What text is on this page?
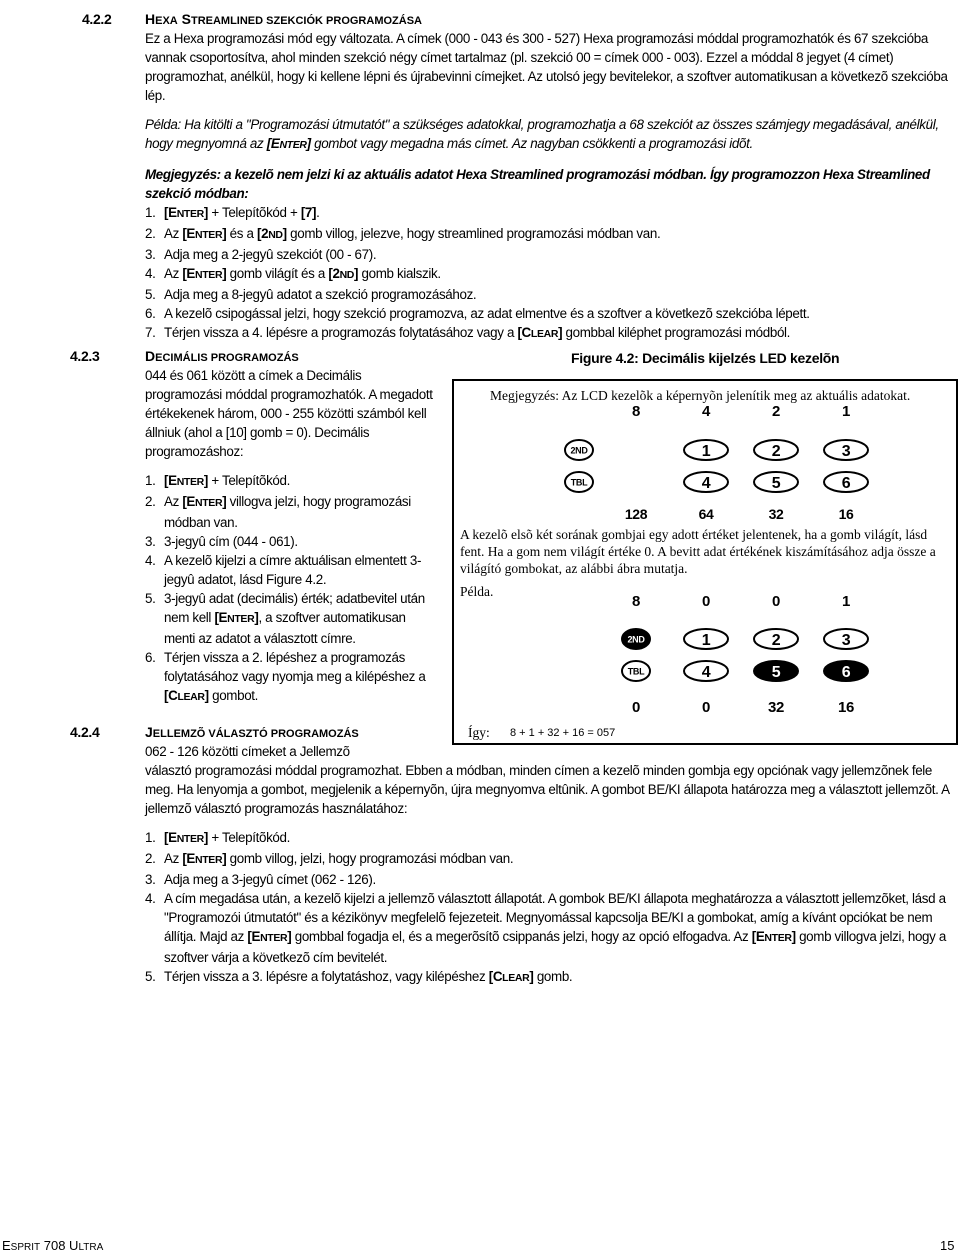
4.2.2 HEXA STREAMLINED SZEKCIÓK PROGRAMOZÁSA

Ez a Hexa programozási mód egy változata. A címek (000 - 043 és 300 - 527) Hexa programozási móddal programozhatók és 67 szekcióba vannak csoportosítva, ahol minden szekció négy címet tartalmaz (pl. szekció 00 = címek 000 - 003). Ezzel a móddal 8 jegyet (4 címet) programozhat, anélkül, hogy ki kellene lépni és újrabevinni címejket. Az utolsó jegy bevitelekor, a szoftver automatikusan a következõ szekcióba lép.

Példa: Ha kitölti a "Programozási útmutatót" a szükséges adatokkal, programozhatja a 68 szekciót az összes számjegy megadásával, anélkül, hogy megnyomná az [ENTER] gombot vagy megadna más címet. Az nagyban csökkenti a programozási idõt.

Megjegyzés: a kezelõ nem jelzi ki az aktuális adatot Hexa Streamlined programozási módban. Így programozzon Hexa Streamlined szekció módban:

1. [ENTER] + Telepítõkód + [7].
2. Az [ENTER] és a [2ND] gomb villog, jelezve, hogy streamlined programozási módban van.
3. Adja meg a 2-jegyû szekciót (00 - 67).
4. Az [ENTER] gomb világít és a [2ND] gomb kialszik.
5. Adja meg a 8-jegyû adatot a szekció programozásához.
6. A kezelõ csipogással jelzi, hogy szekció programozva, az adat elmentve és a szoftver a következõ szekcióba lépett.
7. Térjen vissza a 4. lépésre a programozás folytatásához vagy a [CLEAR] gombbal kiléphet programozási módból.
4.2.3	DECIMÁLIS PROGRAMOZÁS

044 és 061 között a címek a Decimális programozási móddal programozhatók. A megadott értékekenek három, 000 - 255 közötti számból kell állniuk (ahol a [10] gomb = 0). Decimális programozáshoz:

1. [ENTER] + Telepítõkód.
2. Az [ENTER] villogva jelzi, hogy programozási módban van.
3. 3-jegyû cím (044 - 061).
4. A kezelõ kijelzi a címre aktuálisan elmentett 3-jegyû adatot, lásd Figure 4.2.
5. 3-jegyû adat (decimális) érték; adatbevitel után nem kell [ENTER], a szoftver automatikusan menti az adatot a választott címre.
6. Térjen vissza a 2. lépéshez a programozás folytatásához vagy nyomja meg a kilépéshez a [CLEAR] gombot.
Figure 4.2: Decimális kijelzés LED kezelõn
Megjegyzés: Az LCD kezelõk a képernyõn jelenítik meg az aktuális adatokat.
8	4	2	1
2ND	1	2	3
TBL	4	5	6
128	64	32	16
8	0	0	1
2ND	1	2	3
TBL	4	5	6
0	0	32	16
A kezelõ elsõ két sorának gombjai egy adott értéket jelentenek, ha a gomb világít, lásd fent. Ha a gom nem világít értéke 0. A bevitt adat értékének kiszámításához adja össze a világító gombokat, az alábbi ábra mutatja.
Példa.
Így: 8 + 1 + 32 + 16 = 057
4.2.4	JELLEMZÕ VÁLASZTÓ PROGRAMOZÁS

062 - 126 közötti címeket a Jellemzõ választó programozási móddal programozhat. Ebben a módban, minden címen a kezelõ minden gombja egy opciónak vagy jellemzõnek fele meg. Ha lenyomja a gombot, megjelenik a képernyõn, újra megnyomva eltûnik. A gombot BE/KI állapota határozza meg a választott jellemzõt. A jellemzõ választó programozás használatához:

1. [ENTER] + Telepítõkód.
2. Az [ENTER] gomb villog, jelzi, hogy programozási módban van.
3. Adja meg a 3-jegyû címet (062 - 126).
4. A cím megadása után, a kezelõ kijelzi a jellemzõ választott állapotát. A gombok BE/KI állapota meghatározza a választott jellemzõket, lásd a "Programozói útmutatót" és a kézikönyv megfelelõ fejezeteit. Megnyomással kapcsolja BE/KI a gombokat, amíg a kívánt opciókat be nem állítja. Majd az [ENTER] gombbal fogadja el, és a megerõsítõ csippanás jelzi, hogy az opció elfogadva. Az [ENTER] gomb villogva jelzi, hogy a szoftver várja a következõ cím bevitelét.
5. Térjen vissza a 3. lépésre a folytatáshoz, vagy kilépéshez [CLEAR] gomb.
ESPRIT 708 ULTRA	15
